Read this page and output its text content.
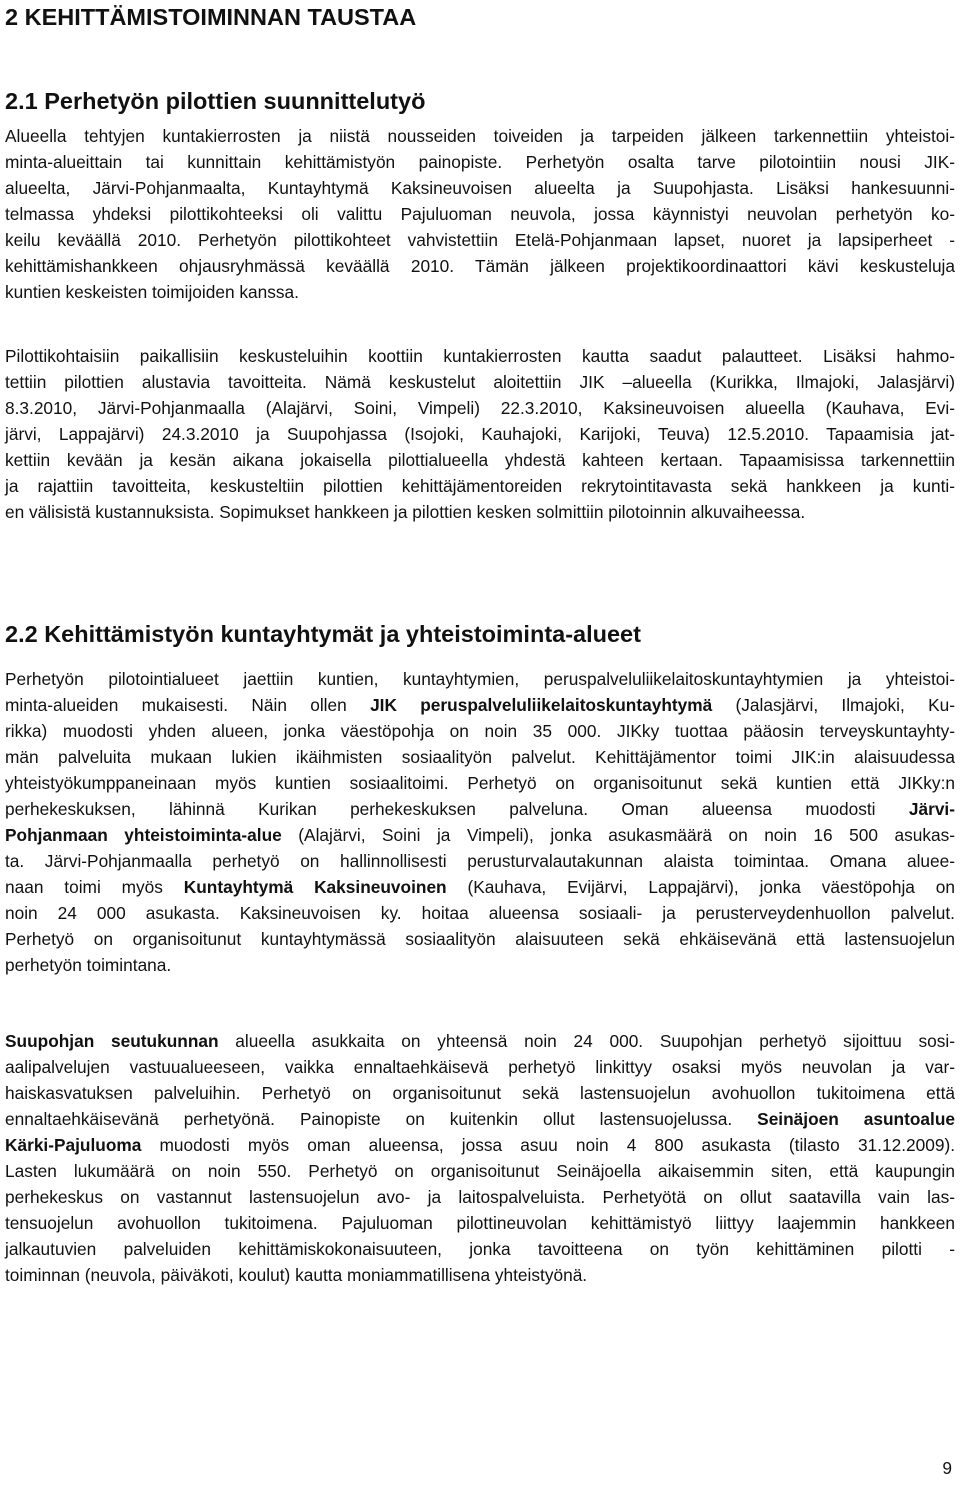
2 KEHITTÄMISTOIMINNAN TAUSTAA
2.1 Perhetyön pilottien suunnittelutyö
Alueella tehtyjen kuntakierrosten ja niistä nousseiden toiveiden ja tarpeiden jälkeen tarkennettiin yhteistoi-
minta-alueittain tai kunnittain kehittämistyön painopiste. Perhetyön osalta tarve pilotointiin nousi JIK-
alueelta, Järvi-Pohjanmaalta, Kuntayhtymä Kaksineuvoisen alueelta ja Suupohjasta. Lisäksi hankesuunni-
telmassa yhdeksi pilottikohteeksi oli valittu Pajuluoman neuvola, jossa käynnistyi neuvolan perhetyön ko-
keilu keväällä 2010. Perhetyön pilottikohteet vahvistettiin Etelä-Pohjanmaan lapset, nuoret ja lapsiperheet -
kehittämishankkeen ohjausryhmässä keväällä 2010. Tämän jälkeen projektikoordinaattori kävi keskusteluja
kuntien keskeisten toimijoiden kanssa.
Pilottikohtaisiin paikallisiin keskusteluihin koottiin kuntakierrosten kautta saadut palautteet. Lisäksi hahmo-
tettiin pilottien alustavia tavoitteita. Nämä keskustelut aloitettiin JIK –alueella (Kurikka, Ilmajoki, Jalasjärvi)
8.3.2010, Järvi-Pohjanmaalla (Alajärvi, Soini, Vimpeli) 22.3.2010, Kaksineuvoisen alueella (Kauhava, Evi-
järvi, Lappajärvi) 24.3.2010 ja Suupohjassa (Isojoki, Kauhajoki, Karijoki, Teuva) 12.5.2010. Tapaamisia jat-
kettiin kevään ja kesän aikana jokaisella pilottialueella yhdestä kahteen kertaan. Tapaamisissa tarkennettiin
ja rajattiin tavoitteita, keskusteltiin pilottien kehittäjämentoreiden rekrytointitavasta sekä hankkeen ja kunti-
en välisistä kustannuksista. Sopimukset hankkeen ja pilottien kesken solmittiin pilotoinnin alkuvaiheessa.
2.2 Kehittämistyön kuntayhtymät ja yhteistoiminta-alueet
Perhetyön pilotointialueet jaettiin kuntien, kuntayhtymien, peruspalveluliikelaitoskuntayhtymien ja yhteistoi-
minta-alueiden mukaisesti. Näin ollen JIK peruspalveluliikelaitoskuntayhtymä (Jalasjärvi, Ilmajoki, Ku-
rikka) muodosti yhden alueen, jonka väestöpohja on noin 35 000. JIKky tuottaa pääosin terveyskuntayhty-
män palveluita mukaan lukien ikäihmisten sosiaalityön palvelut. Kehittäjämentor toimi JIK:in alaisuudessa
yhteistyökumppaneinaan myös kuntien sosiaalitoimi. Perhetyö on organisoitunut sekä kuntien että JIKky:n
perhekeskuksen, lähinnä Kurikan perhekeskuksen palveluna. Oman alueensa muodosti Järvi-
Pohjanmaan yhteistoiminta-alue (Alajärvi, Soini ja Vimpeli), jonka asukasmäärä on noin 16 500 asukas-
ta. Järvi-Pohjanmaalla perhetyö on hallinnollisesti perusturvalautakunnan alaista toimintaa. Omana aluee-
naan toimi myös Kuntayhtymä Kaksineuvoinen (Kauhava, Evijärvi, Lappajärvi), jonka väestöpohja on
noin 24 000 asukasta. Kaksineuvoisen ky. hoitaa alueensa sosiaali- ja perusterveydenhuollon palvelut.
Perhetyö on organisoitunut kuntayhtymässä sosiaalityön alaisuuteen sekä ehkäisevänä että lastensuojelun
perhetyön toimintana.
Suupohjan seutukunnan alueella asukkaita on yhteensä noin 24 000. Suupohjan perhetyö sijoittuu sosi-
aalipalvelujen vastuualueeseen, vaikka ennaltaehkäisevä perhetyö linkittyy osaksi myös neuvolan ja var-
haiskasvatuksen palveluihin. Perhetyö on organisoitunut sekä lastensuojelun avohuollon tukitoimena että
ennaltaehkäisevänä perhetyönä. Painopiste on kuitenkin ollut lastensuojelussa. Seinäjoen asuntoalue
Kärki-Pajuluoma muodosti myös oman alueensa, jossa asuu noin 4 800 asukasta (tilasto 31.12.2009).
Lasten lukumäärä on noin 550. Perhetyö on organisoitunut Seinäjoella aikaisemmin siten, että kaupungin
perhekeskus on vastannut lastensuojelun avo- ja laitospalveluista. Perhetyötä on ollut saatavilla vain las-
tensuojelun avohuollon tukitoimena. Pajuluoman pilottineuvolan kehittämistyö liittyy laajemmin hankkeen
jalkautuvien palveluiden kehittämiskokonaisuuteen, jonka tavoitteena on työn kehittäminen pilotti -
toiminnan (neuvola, päiväkoti, koulut) kautta moniammatillisena yhteistyönä.
9
